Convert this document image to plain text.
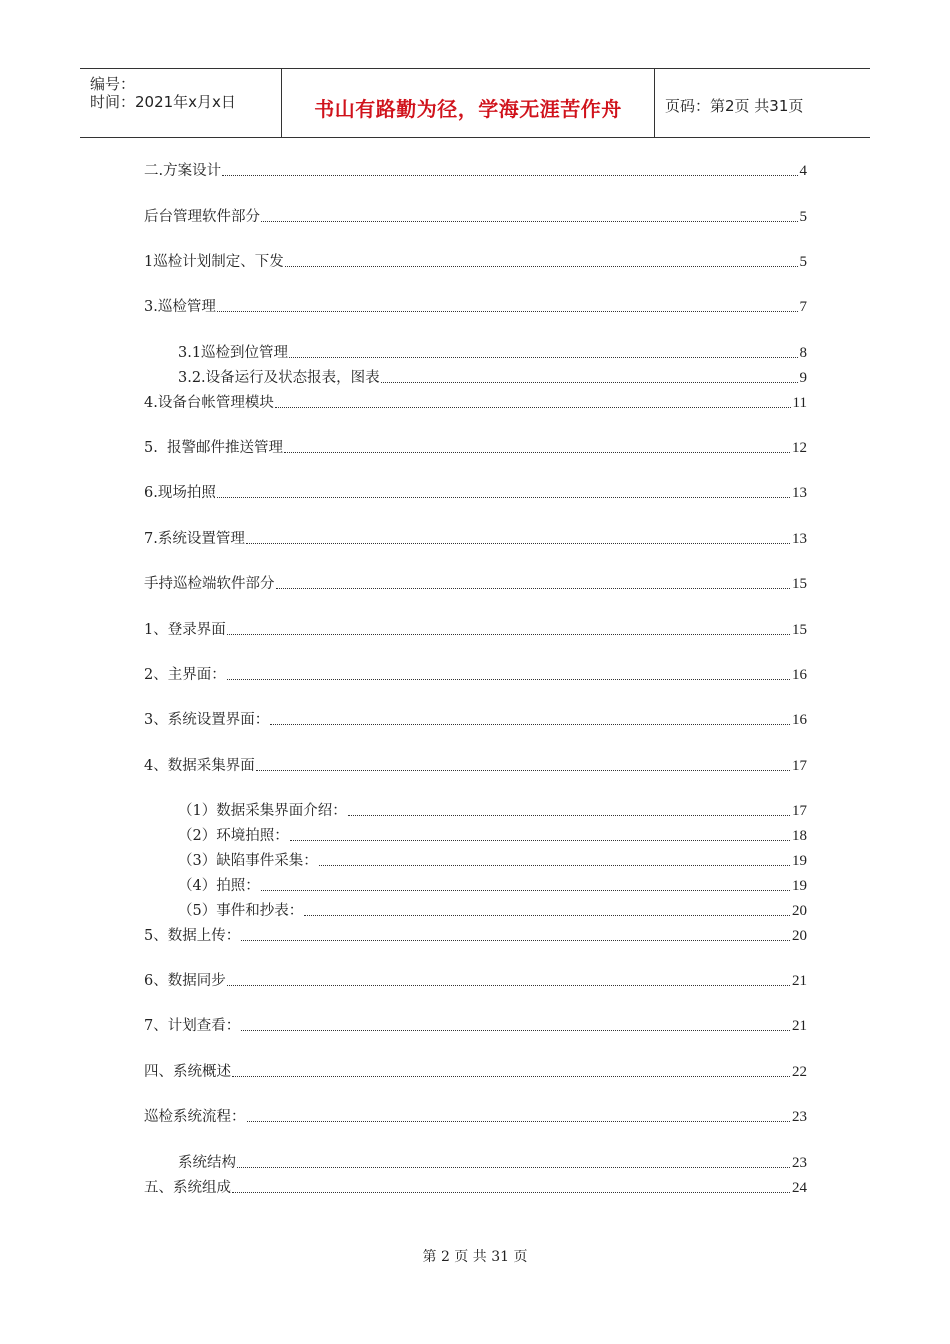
编号：
时间：2021年x月x日	书山有路勤为径，学海无涯苦作舟	页码：第2页 共31页
二.方案设计	4
后台管理软件部分	5
1巡检计划制定、下发	5
3.巡检管理	7
3.1巡检到位管理	8
3.2.设备运行及状态报表，图表	9
4.设备台帐管理模块	11
5.  报警邮件推送管理	12
6.现场拍照	13
7.系统设置管理	13
手持巡检端软件部分	15
1、登录界面	15
2、主界面：	16
3、系统设置界面：	16
4、数据采集界面	17
（1）数据采集界面介绍：	17
（2）环境拍照：	18
（3）缺陷事件采集：	19
（4）拍照：	19
（5）事件和抄表：	20
5、数据上传：	20
6、数据同步	21
7、计划查看：	21
四、系统概述	22
巡检系统流程：	23
系统结构	23
五、系统组成	24
第 2 页 共 31 页
